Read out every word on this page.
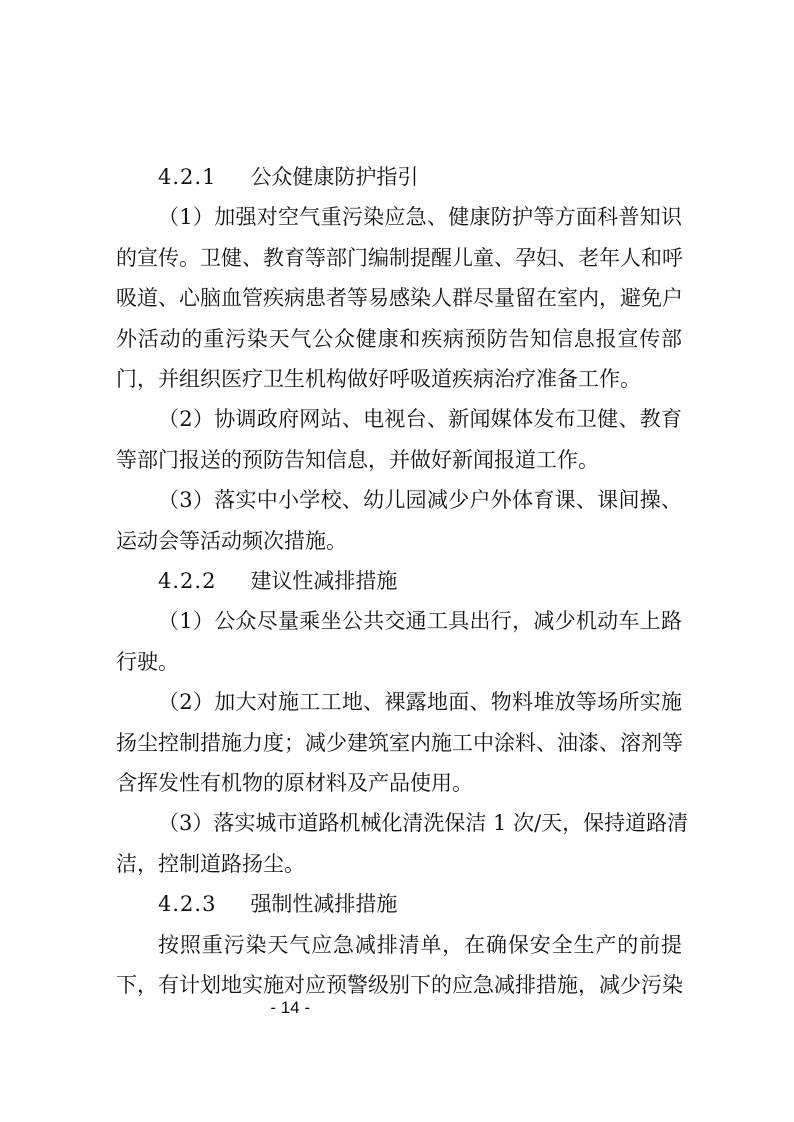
4.2.1 公众健康防护指引
（1）加强对空气重污染应急、健康防护等方面科普知识
的宣传。卫健、教育等部门编制提醒儿童、孕妇、老年人和呼
吸道、心脑血管疾病患者等易感染人群尽量留在室内，避免户
外活动的重污染天气公众健康和疾病预防告知信息报宣传部
门，并组织医疗卫生机构做好呼吸道疾病治疗准备工作。
（2）协调政府网站、电视台、新闻媒体发布卫健、教育
等部门报送的预防告知信息，并做好新闻报道工作。
（3）落实中小学校、幼儿园减少户外体育课、课间操、
运动会等活动频次措施。
4.2.2 建议性减排措施
（1）公众尽量乘坐公共交通工具出行，减少机动车上路
行驶。
（2）加大对施工工地、裸露地面、物料堆放等场所实施
扬尘控制措施力度；减少建筑室内施工中涂料、油漆、溶剂等
含挥发性有机物的原材料及产品使用。
（3）落实城市道路机械化清洗保洁 1 次/天，保持道路清
洁，控制道路扬尘。
4.2.3 强制性减排措施
按照重污染天气应急减排清单，在确保安全生产的前提
下，有计划地实施对应预警级别下的应急减排措施，减少污染
- 14 -
